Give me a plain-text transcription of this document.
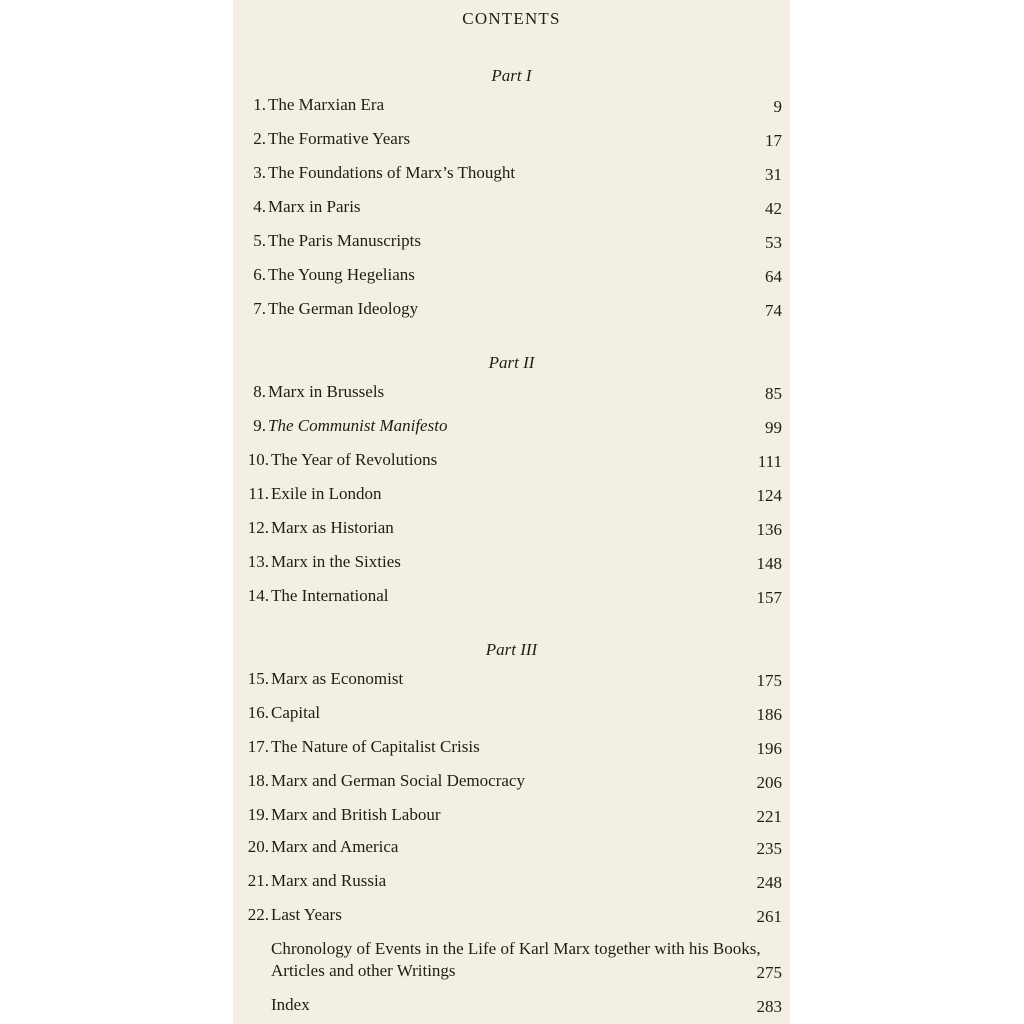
CONTENTS
Part I
1. The Marxian Era	9
2. The Formative Years	17
3. The Foundations of Marx’s Thought	31
4. Marx in Paris	42
5. The Paris Manuscripts	53
6. The Young Hegelians	64
7. The German Ideology	74
Part II
8. Marx in Brussels	85
9. The Communist Manifesto	99
10. The Year of Revolutions	111
11. Exile in London	124
12. Marx as Historian	136
13. Marx in the Sixties	148
14. The International	157
Part III
15. Marx as Economist	175
16. Capital	186
17. The Nature of Capitalist Crisis	196
18. Marx and German Social Democracy	206
19. Marx and British Labour	221
20. Marx and America	235
21. Marx and Russia	248
22. Last Years	261
Chronology of Events in the Life of Karl Marx together with his Books, Articles and other Writings	275
Index	283
